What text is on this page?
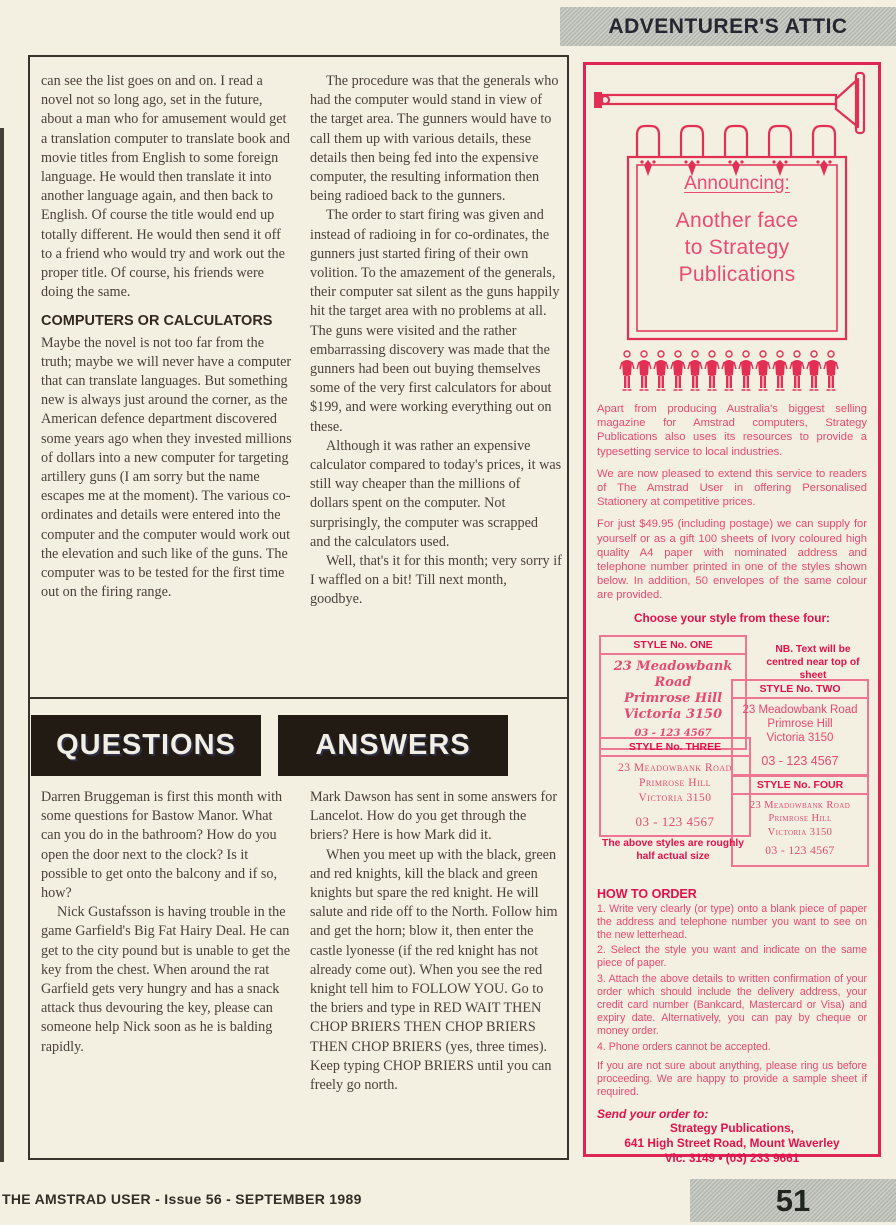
ADVENTURER'S ATTIC

can see the list goes on and on. I read a novel not so long ago, set in the future, about a man who for amusement would get a translation computer to translate book and movie titles from English to some foreign language. He would then translate it into another language again, and then back to English. Of course the title would end up totally different. He would then send it off to a friend who would try and work out the proper title. Of course, his friends were doing the same.

COMPUTERS OR CALCULATORS

Maybe the novel is not too far from the truth; maybe we will never have a computer that can translate languages. But something new is always just around the corner, as the American defence department discovered some years ago when they invested millions of dollars into a new computer for targeting artillery guns (I am sorry but the name escapes me at the moment). The various co-ordinates and details were entered into the computer and the computer would work out the elevation and such like of the guns. The computer was to be tested for the first time out on the firing range.

The procedure was that the generals who had the computer would stand in view of the target area. The gunners would have to call them up with various details, these details then being fed into the expensive computer, the resulting information then being radioed back to the gunners.

The order to start firing was given and instead of radioing in for co-ordinates, the gunners just started firing of their own volition. To the amazement of the generals, their computer sat silent as the guns happily hit the target area with no problems at all. The guns were visited and the rather embarrassing discovery was made that the gunners had been out buying themselves some of the very first calculators for about $199, and were working everything out on these.

Although it was rather an expensive calculator compared to today's prices, it was still way cheaper than the millions of dollars spent on the computer. Not surprisingly, the computer was scrapped and the calculators used.

Well, that's it for this month; very sorry if I waffled on a bit! Till next month, goodbye.

QUESTIONS	ANSWERS

Darren Bruggeman is first this month with some questions for Bastow Manor. What can you do in the bathroom? How do you open the door next to the clock? Is it possible to get onto the balcony and if so, how?

Nick Gustafsson is having trouble in the game Garfield's Big Fat Hairy Deal. He can get to the city pound but is unable to get the key from the chest. When around the rat Garfield gets very hungry and has a snack attack thus devouring the key, please can someone help Nick soon as he is balding rapidly.

Mark Dawson has sent in some answers for Lancelot. How do you get through the briers? Here is how Mark did it.

When you meet up with the black, green and red knights, kill the black and green knights but spare the red knight. He will salute and ride off to the North. Follow him and get the horn; blow it, then enter the castle lyonesse (if the red knight has not already come out). When you see the red knight tell him to FOLLOW YOU. Go to the briers and type in RED WAIT THEN CHOP BRIERS THEN CHOP BRIERS THEN CHOP BRIERS (yes, three times). Keep typing CHOP BRIERS until you can freely go north.

Announcing:
Another face
to Strategy
Publications

Apart from producing Australia's biggest selling magazine for Amstrad computers, Strategy Publications also uses its resources to provide a typesetting service to local industries.

We are now pleased to extend this service to readers of The Amstrad User in offering Personalised Stationery at competitive prices.

For just $49.95 (including postage) we can supply for yourself or as a gift 100 sheets of Ivory coloured high quality A4 paper with nominated address and telephone number printed in one of the styles shown below. In addition, 50 envelopes of the same colour are provided.

Choose your style from these four:
STYLE No. ONE
23 Meadowbank Road
Primrose Hill
Victoria 3150
03 - 123 4567
NB. Text will be centred near top of sheet
STYLE No. TWO
23 Meadowbank Road
Primrose Hill
Victoria 3150
03 - 123 4567
STYLE No. THREE
23 Meadowbank Road
Primrose Hill
Victoria 3150
03 - 123 4567
STYLE No. FOUR
23 Meadowbank Road
Primrose Hill
Victoria 3150
03 - 123 4567
The above styles are roughly half actual size
HOW TO ORDER

1. Write very clearly (or type) onto a blank piece of paper the address and telephone number you want to see on the new letterhead.

2. Select the style you want and indicate on the same piece of paper.

3. Attach the above details to written confirmation of your order which should include the delivery address, your credit card number (Bankcard, Mastercard or Visa) and expiry date. Alternatively, you can pay by cheque or money order.

4. Phone orders cannot be accepted.

If you are not sure about anything, please ring us before proceeding. We are happy to provide a sample sheet if required.

Send your order to:
Strategy Publications,
641 High Street Road, Mount Waverley
Vic. 3149 • (03) 233 9661
THE AMSTRAD USER - Issue 56 - SEPTEMBER 1989	51
